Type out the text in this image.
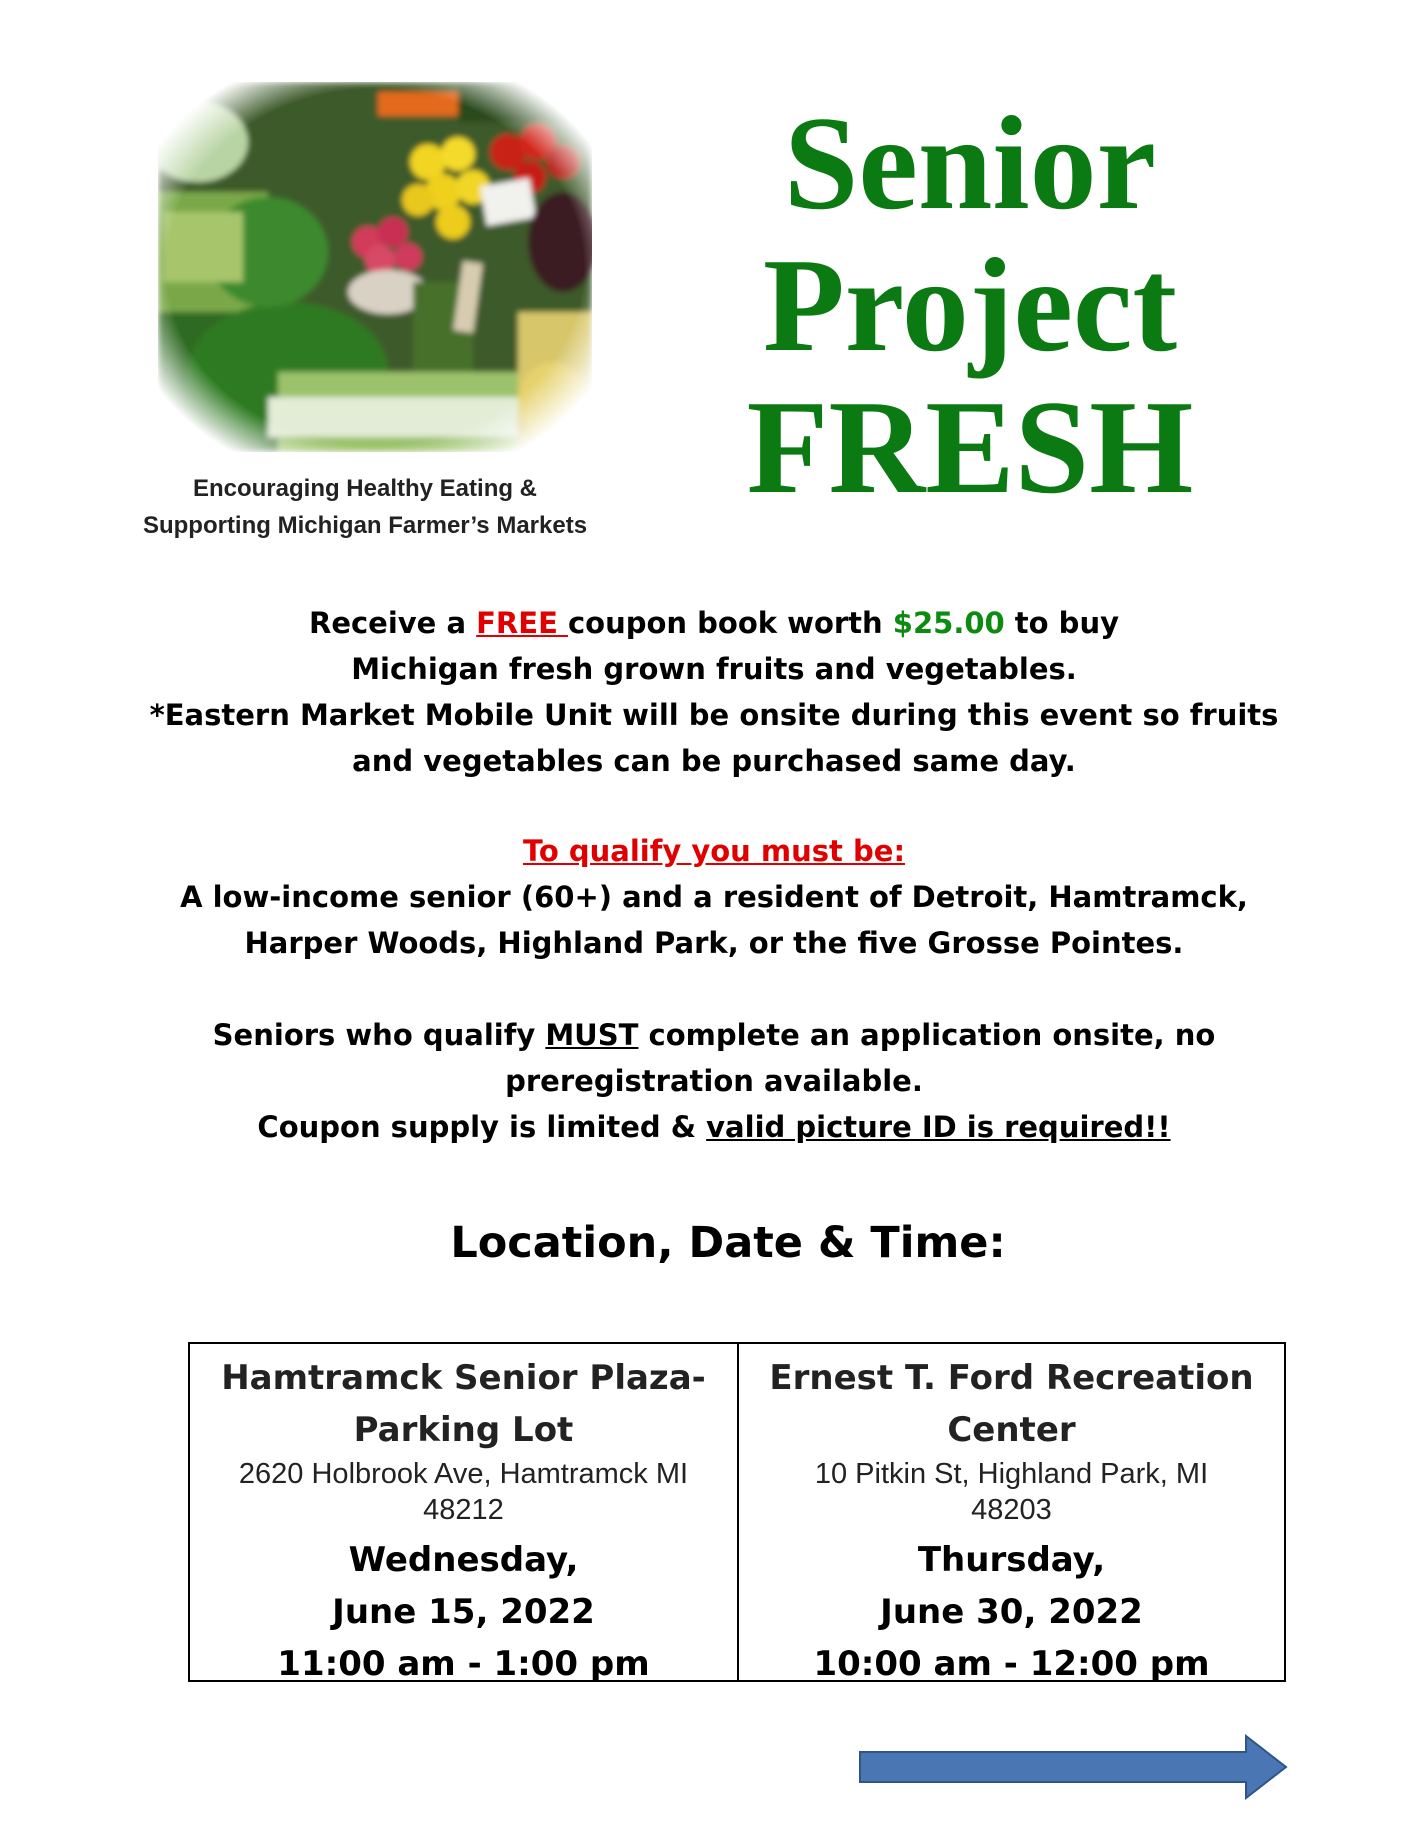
Encouraging Healthy Eating &
Supporting Michigan Farmer’s Markets
Senior
Project
FRESH
Receive a FREE coupon book worth $25.00 to buy
Michigan fresh grown fruits and vegetables.
*Eastern Market Mobile Unit will be onsite during this event so fruits
and vegetables can be purchased same day.
To qualify you must be:
A low-income senior (60+) and a resident of Detroit, Hamtramck,
Harper Woods, Highland Park, or the five Grosse Pointes.
Seniors who qualify MUST complete an application onsite, no
preregistration available.
Coupon supply is limited & valid picture ID is required!!
Location, Date & Time:
Hamtramck Senior Plaza-
Parking Lot
2620 Holbrook Ave, Hamtramck MI
48212
Wednesday,
June 15, 2022
11:00 am - 1:00 pm
Ernest T. Ford Recreation
Center
10 Pitkin St, Highland Park, MI
48203
Thursday,
June 30, 2022
10:00 am - 12:00 pm
